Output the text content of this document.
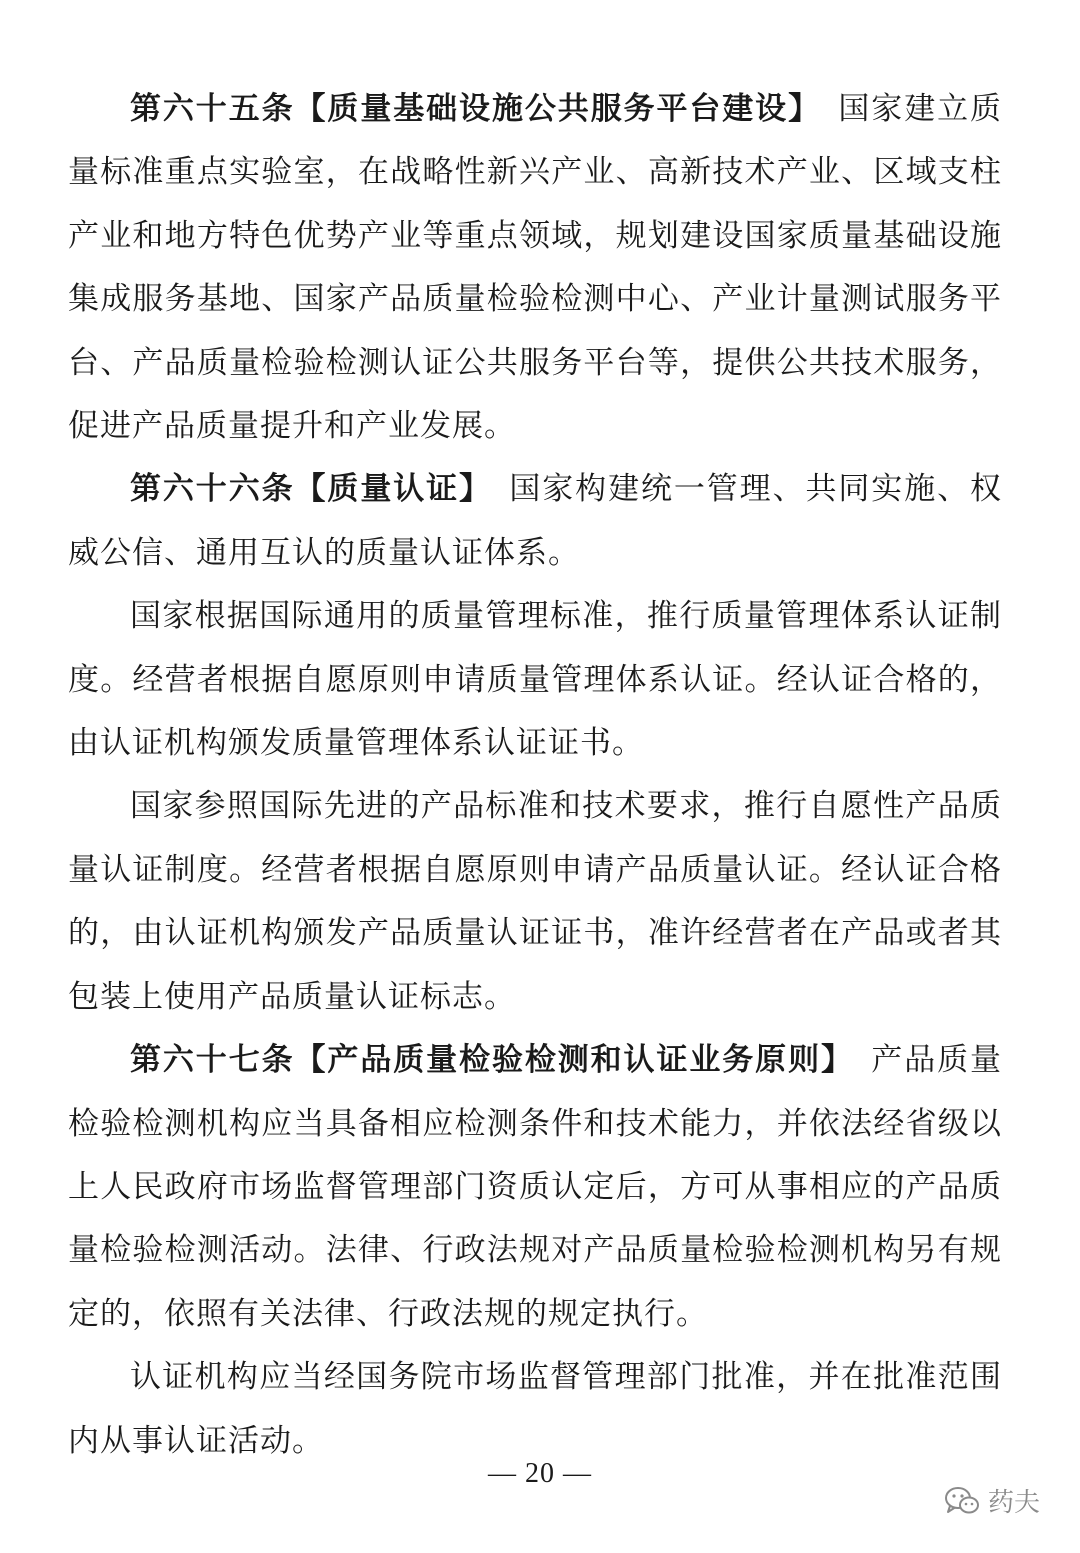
第六十五条【质量基础设施公共服务平台建设】  国家建立质量标准重点实验室，在战略性新兴产业、高新技术产业、区域支柱产业和地方特色优势产业等重点领域，规划建设国家质量基础设施集成服务基地、国家产品质量检验检测中心、产业计量测试服务平台、产品质量检验检测认证公共服务平台等，提供公共技术服务，促进产品质量提升和产业发展。

第六十六条【质量认证】  国家构建统一管理、共同实施、权威公信、通用互认的质量认证体系。

国家根据国际通用的质量管理标准，推行质量管理体系认证制度。经营者根据自愿原则申请质量管理体系认证。经认证合格的，由认证机构颁发质量管理体系认证证书。

国家参照国际先进的产品标准和技术要求，推行自愿性产品质量认证制度。经营者根据自愿原则申请产品质量认证。经认证合格的，由认证机构颁发产品质量认证证书，准许经营者在产品或者其包装上使用产品质量认证标志。

第六十七条【产品质量检验检测和认证业务原则】  产品质量检验检测机构应当具备相应检测条件和技术能力，并依法经省级以上人民政府市场监督管理部门资质认定后，方可从事相应的产品质量检验检测活动。法律、行政法规对产品质量检验检测机构另有规定的，依照有关法律、行政法规的规定执行。

认证机构应当经国务院市场监督管理部门批准，并在批准范围内从事认证活动。

— 20 —
药夫
